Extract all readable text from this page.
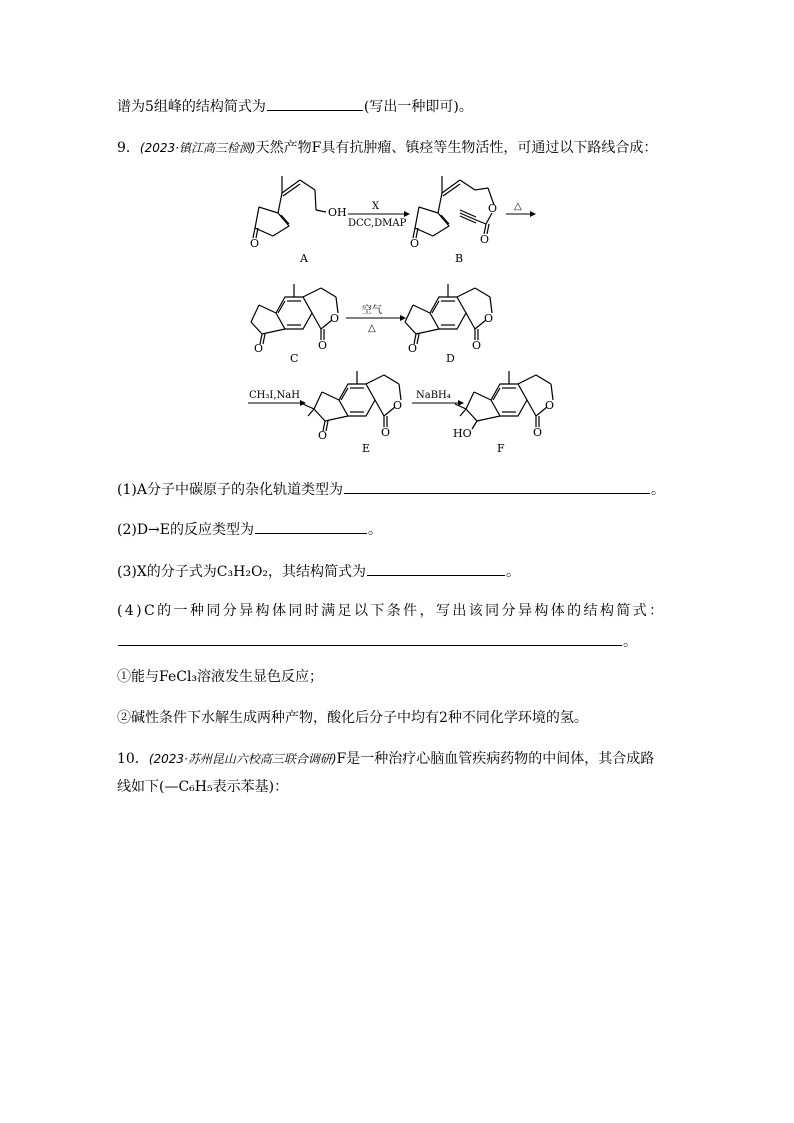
谱为5组峰的结构简式为	(写出一种即可)。
9．(2023·镇江高三检测)天然产物F具有抗肿瘤、镇痉等生物活性，可通过以下路线合成：
OH
O
A
X
DCC,DMAP
O
O	O
B
△
O
O	O
C
空气
△
O
O	O
D
CH₃I,NaH
O
O	O
E
NaBH₄
O
HO	O
F
(1)A分子中碳原子的杂化轨道类型为	。
(2)D→E的反应类型为	。
(3)X的分子式为C₃H₂O₂，其结构简式为	。
(4)C的一种同分异构体同时满足以下条件，写出该同分异构体的结构简式：
。
①能与FeCl₃溶液发生显色反应；
②碱性条件下水解生成两种产物，酸化后分子中均有2种不同化学环境的氢。
10．(2023·苏州昆山六校高三联合调研)F是一种治疗心脑血管疾病药物的中间体，其合成路
线如下(—C₆H₅表示苯基)：
